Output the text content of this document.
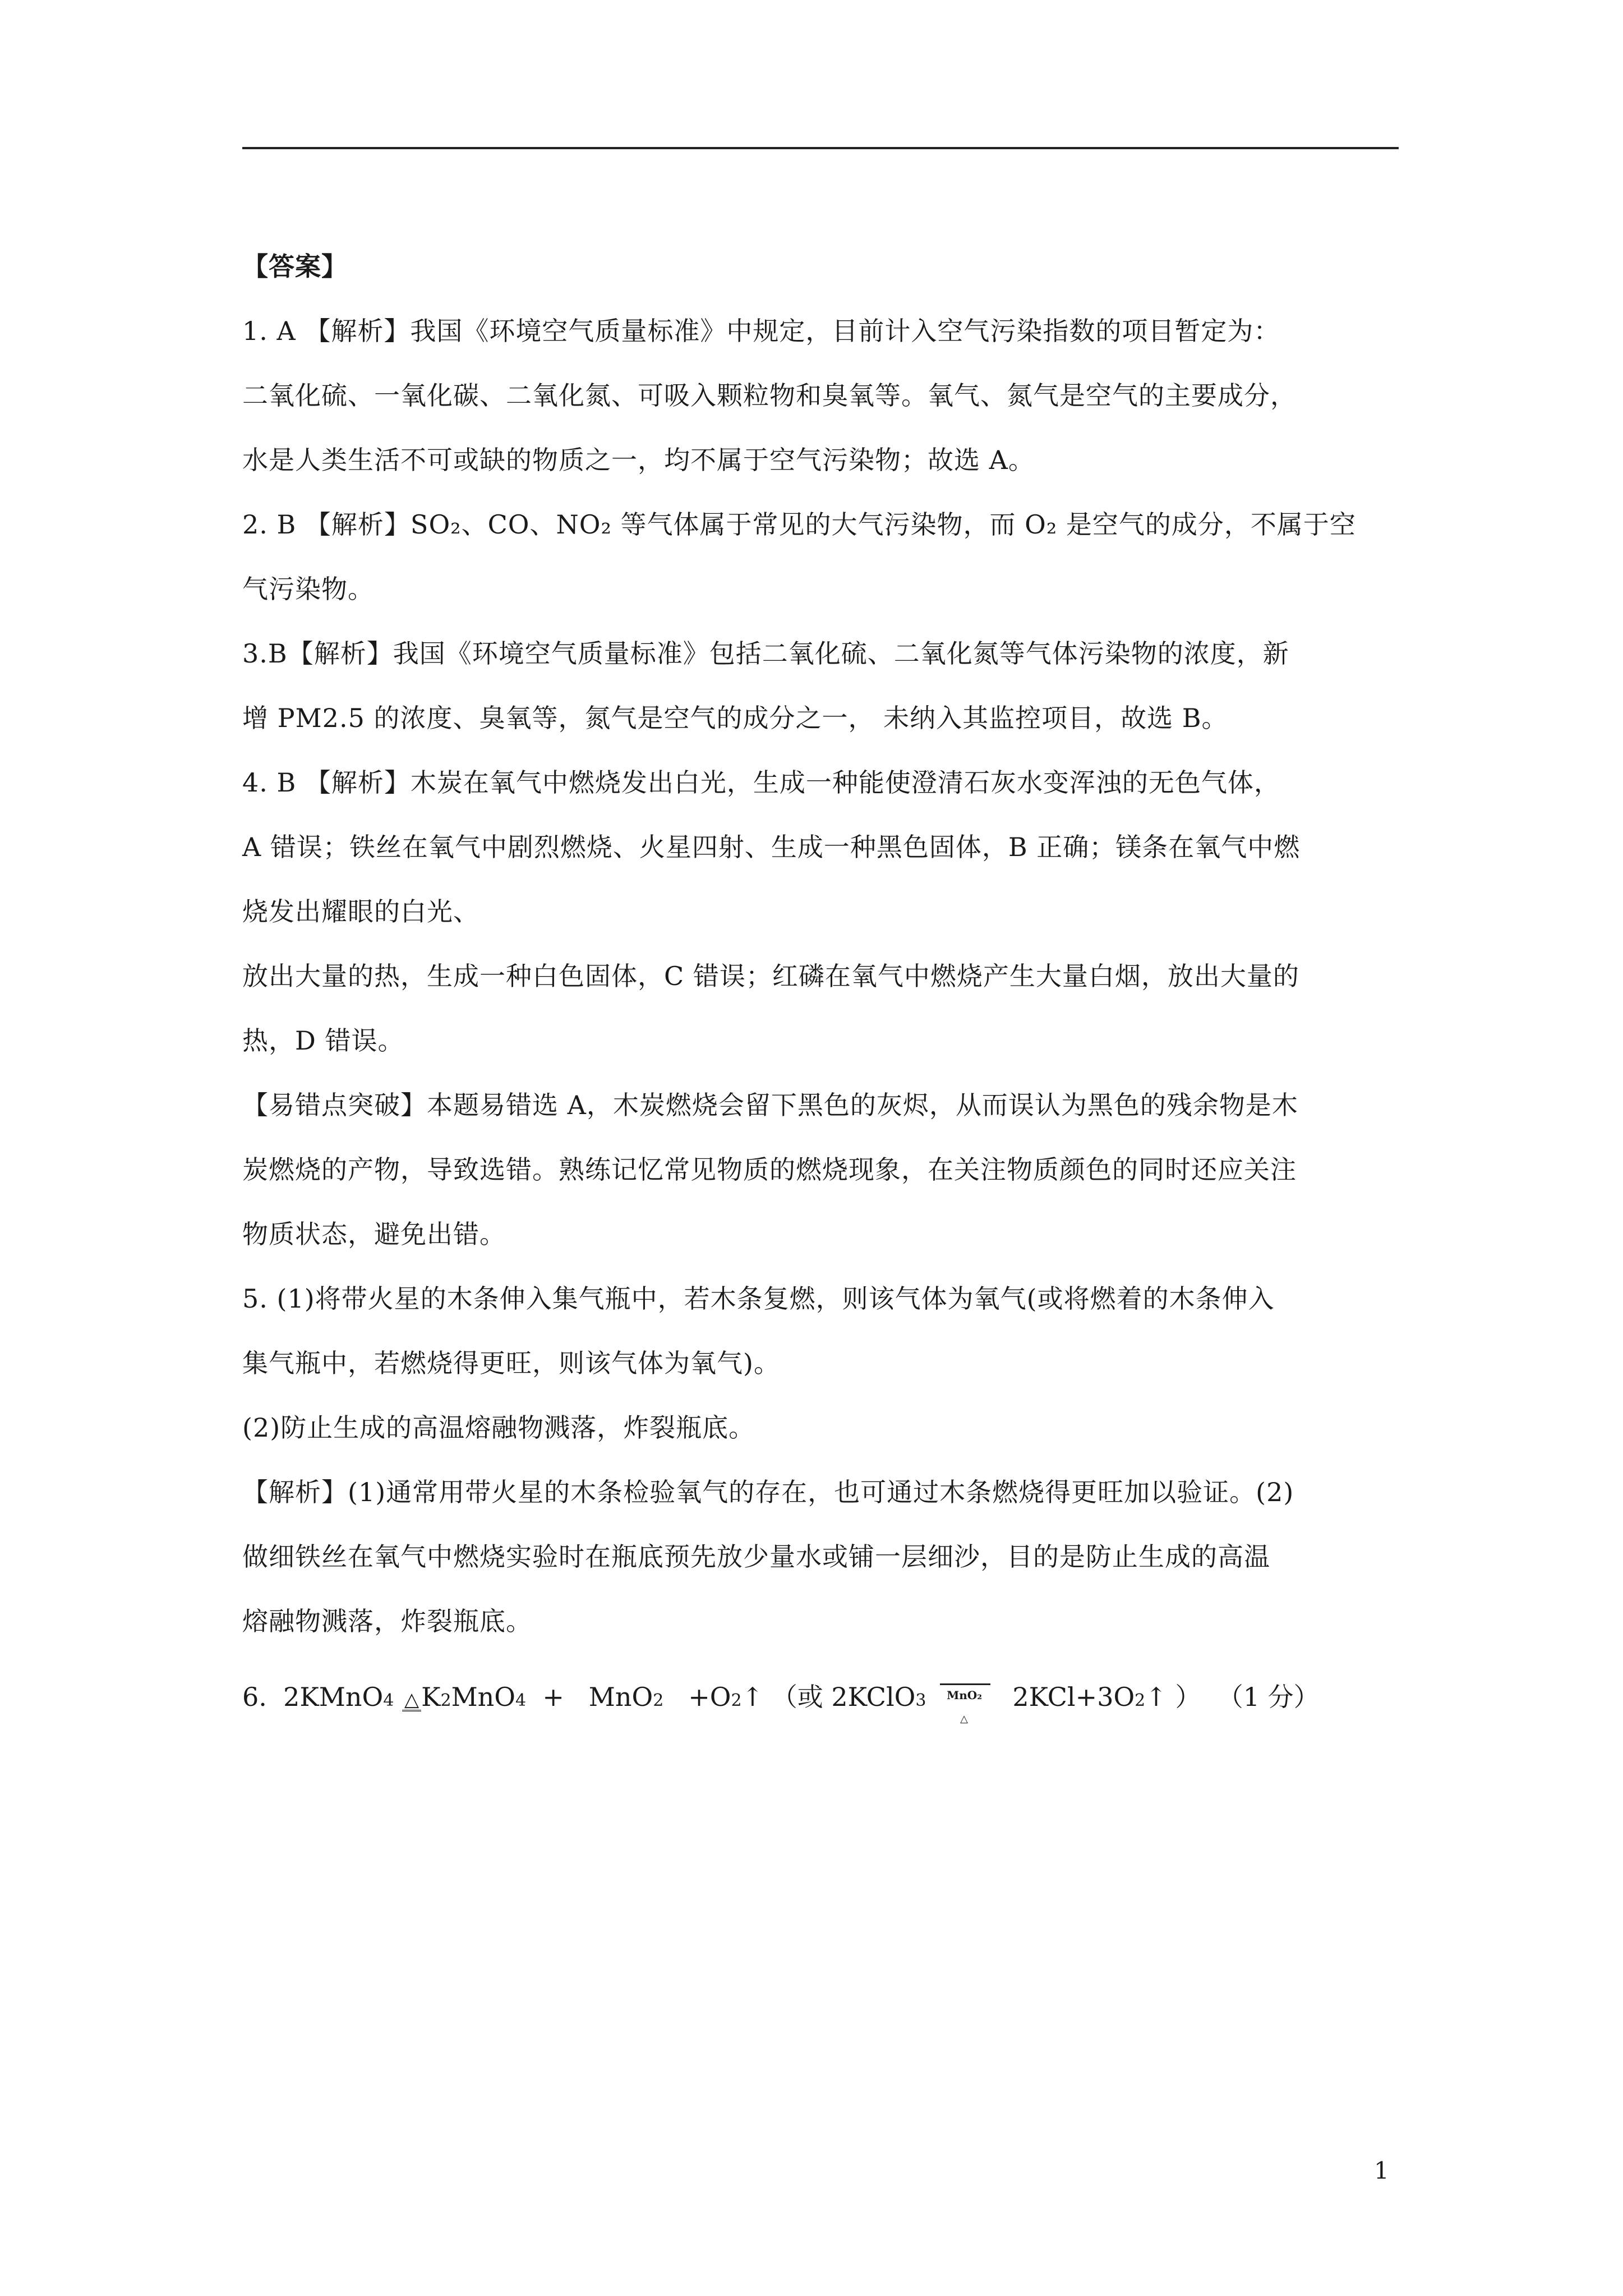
【答案】
1. A 【解析】我国《环境空气质量标准》中规定，目前计入空气污染指数的项目暂定为：
二氧化硫、一氧化碳、二氧化氮、可吸入颗粒物和臭氧等。氧气、氮气是空气的主要成分，
水是人类生活不可或缺的物质之一，均不属于空气污染物；故选 A。
2. B 【解析】SO₂、CO、NO₂ 等气体属于常见的大气污染物，而 O₂ 是空气的成分，不属于空
气污染物。
3.B【解析】我国《环境空气质量标准》包括二氧化硫、二氧化氮等气体污染物的浓度，新
增 PM2.5 的浓度、臭氧等，氮气是空气的成分之一， 未纳入其监控项目，故选 B。
4. B 【解析】木炭在氧气中燃烧发出白光，生成一种能使澄清石灰水变浑浊的无色气体，
A 错误；铁丝在氧气中剧烈燃烧、火星四射、生成一种黑色固体，B 正确；镁条在氧气中燃
烧发出耀眼的白光、
放出大量的热，生成一种白色固体，C 错误；红磷在氧气中燃烧产生大量白烟，放出大量的
热，D 错误。
【易错点突破】本题易错选 A，木炭燃烧会留下黑色的灰烬，从而误认为黑色的残余物是木
炭燃烧的产物，导致选错。熟练记忆常见物质的燃烧现象，在关注物质颜色的同时还应关注
物质状态，避免出错。
5. (1)将带火星的木条伸入集气瓶中，若木条复燃，则该气体为氧气(或将燃着的木条伸入
集气瓶中，若燃烧得更旺，则该气体为氧气)。
(2)防止生成的高温熔融物溅落，炸裂瓶底。
【解析】(1)通常用带火星的木条检验氧气的存在，也可通过木条燃烧得更旺加以验证。(2)
做细铁丝在氧气中燃烧实验时在瓶底预先放少量水或铺一层细沙，目的是防止生成的高温
熔融物溅落，炸裂瓶底。
6. 2KMnO4 △K2MnO4 + MnO2 +O2↑ （或 2KClO3 MnO₂
△
2KCl+3O2↑ ） （1 分）
1
